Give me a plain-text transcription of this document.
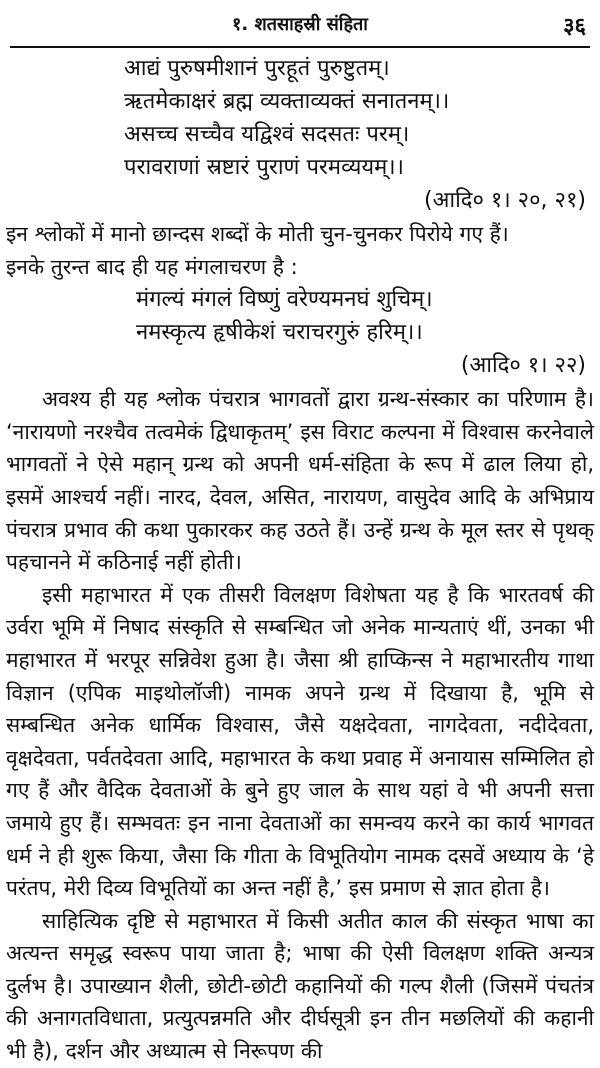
१. शतसाहस्री संहिता	३६
आद्यं पुरुषमीशानं पुरहूतं पुरुष्टुतम्।
ऋतमेकाक्षरं ब्रह्म व्यक्ताव्यक्तं सनातनम्।।
असच्च सच्चैव यद्विश्वं सदसतः परम्।
परावराणां स्रष्टारं पुराणं परमव्ययम्।।
(आदि० १। २०, २१)
इन श्लोकों में मानो छान्दस शब्दों के मोती चुन-चुनकर पिरोये गए हैं।
इनके तुरन्त बाद ही यह मंगलाचरण है :
मंगल्यं मंगलं विष्णुं वरेण्यमनघं शुचिम्।
नमस्कृत्य हृषीकेशं चराचरगुरुं हरिम्।।
(आदि० १। २२)

अवश्य ही यह श्लोक पंचरात्र भागवतों द्वारा ग्रन्थ-संस्कार का परिणाम है। ‘नारायणो नरश्चैव तत्वमेकं द्विधाकृतम्’ इस विराट कल्पना में विश्वास करनेवाले भागवतों ने ऐसे महान् ग्रन्थ को अपनी धर्म-संहिता के रूप में ढाल लिया हो, इसमें आश्चर्य नहीं। नारद, देवल, असित, नारायण, वासुदेव आदि के अभिप्राय पंचरात्र प्रभाव की कथा पुकारकर कह उठते हैं। उन्हें ग्रन्थ के मूल स्तर से पृथक् पहचानने में कठिनाई नहीं होती।

इसी महाभारत में एक तीसरी विलक्षण विशेषता यह है कि भारतवर्ष की उर्वरा भूमि में निषाद संस्कृति से सम्बन्धित जो अनेक मान्यताएं थीं, उनका भी महाभारत में भरपूर सन्निवेश हुआ है। जैसा श्री हाप्किन्स ने महाभारतीय गाथा विज्ञान (एपिक माइथोलॉजी) नामक अपने ग्रन्थ में दिखाया है, भूमि से सम्बन्धित अनेक धार्मिक विश्वास, जैसे यक्षदेवता, नागदेवता, नदीदेवता, वृक्षदेवता, पर्वतदेवता आदि, महाभारत के कथा प्रवाह में अनायास सम्मिलित हो गए हैं और वैदिक देवताओं के बुने हुए जाल के साथ यहां वे भी अपनी सत्ता जमाये हुए हैं। सम्भवतः इन नाना देवताओं का समन्वय करने का कार्य भागवत धर्म ने ही शुरू किया, जैसा कि गीता के विभूतियोग नामक दसवें अध्याय के ‘हे परंतप, मेरी दिव्य विभूतियों का अन्त नहीं है,’ इस प्रमाण से ज्ञात होता है।

साहित्यिक दृष्टि से महाभारत में किसी अतीत काल की संस्कृत भाषा का अत्यन्त समृद्ध स्वरूप पाया जाता है; भाषा की ऐसी विलक्षण शक्ति अन्यत्र दुर्लभ है। उपाख्यान शैली, छोटी-छोटी कहानियों की गल्प शैली (जिसमें पंचतंत्र की अनागतविधाता, प्रत्युत्पन्नमति और दीर्घसूत्री इन तीन मछलियों की कहानी भी है), दर्शन और अध्यात्म से निरूपण की
